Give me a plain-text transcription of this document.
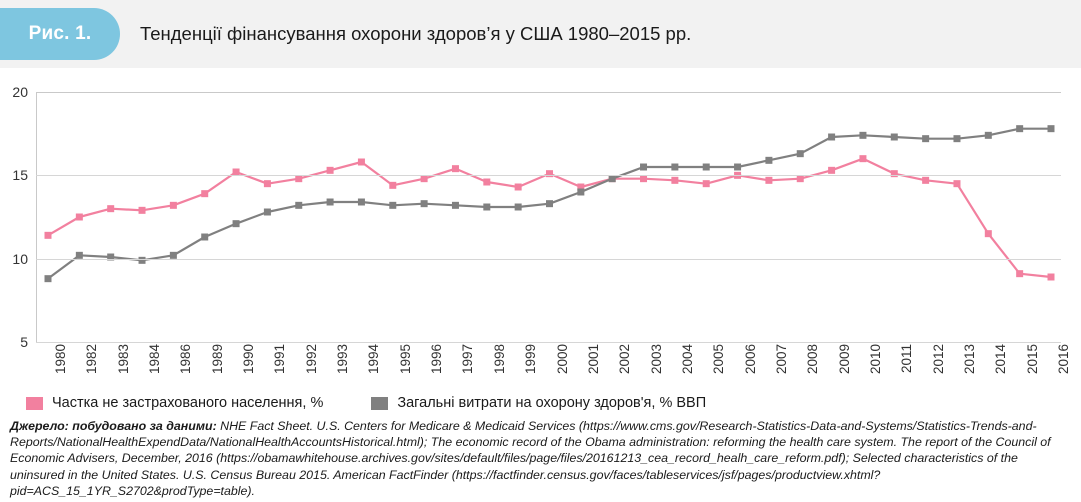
Рис. 1.	Тенденції фінансування охорони здоров’я у США 1980–2015 рр.
5
10
15
20
1980 1982 1983 1984 1986 1989 1990 1991 1992 1993 1994 1995 1996 1997 1998 1999 2000 2001 2002 2003 2004 2005 2006 2007 2008 2009 2010 2011 2012 2013 2014 2015 2016
Частка не застрахованого населення, %	Загальні витрати на охорону здоров'я, % ВВП
Джерело: побудовано за даними: NHE Fact Sheet. U.S. Centers for Medicare & Medicaid Services (https://www.cms.gov/Research-Statistics-Data-and-Systems/Statistics-Trends-and-Reports/NationalHealthExpendData/NationalHealthAccountsHistorical.html); The economic record of the Obama administration: reforming the health care system. The report of the Council of Economic Advisers, December, 2016 (https://obamawhitehouse.archives.gov/sites/default/files/page/files/20161213_cea_record_healh_care_reform.pdf); Selected characteristics of the uninsured in the United States. U.S. Census Bureau 2015. American FactFinder (https://factfinder.census.gov/faces/tableservices/jsf/pages/productview.xhtml?pid=ACS_15_1YR_S2702&prodType=table).
